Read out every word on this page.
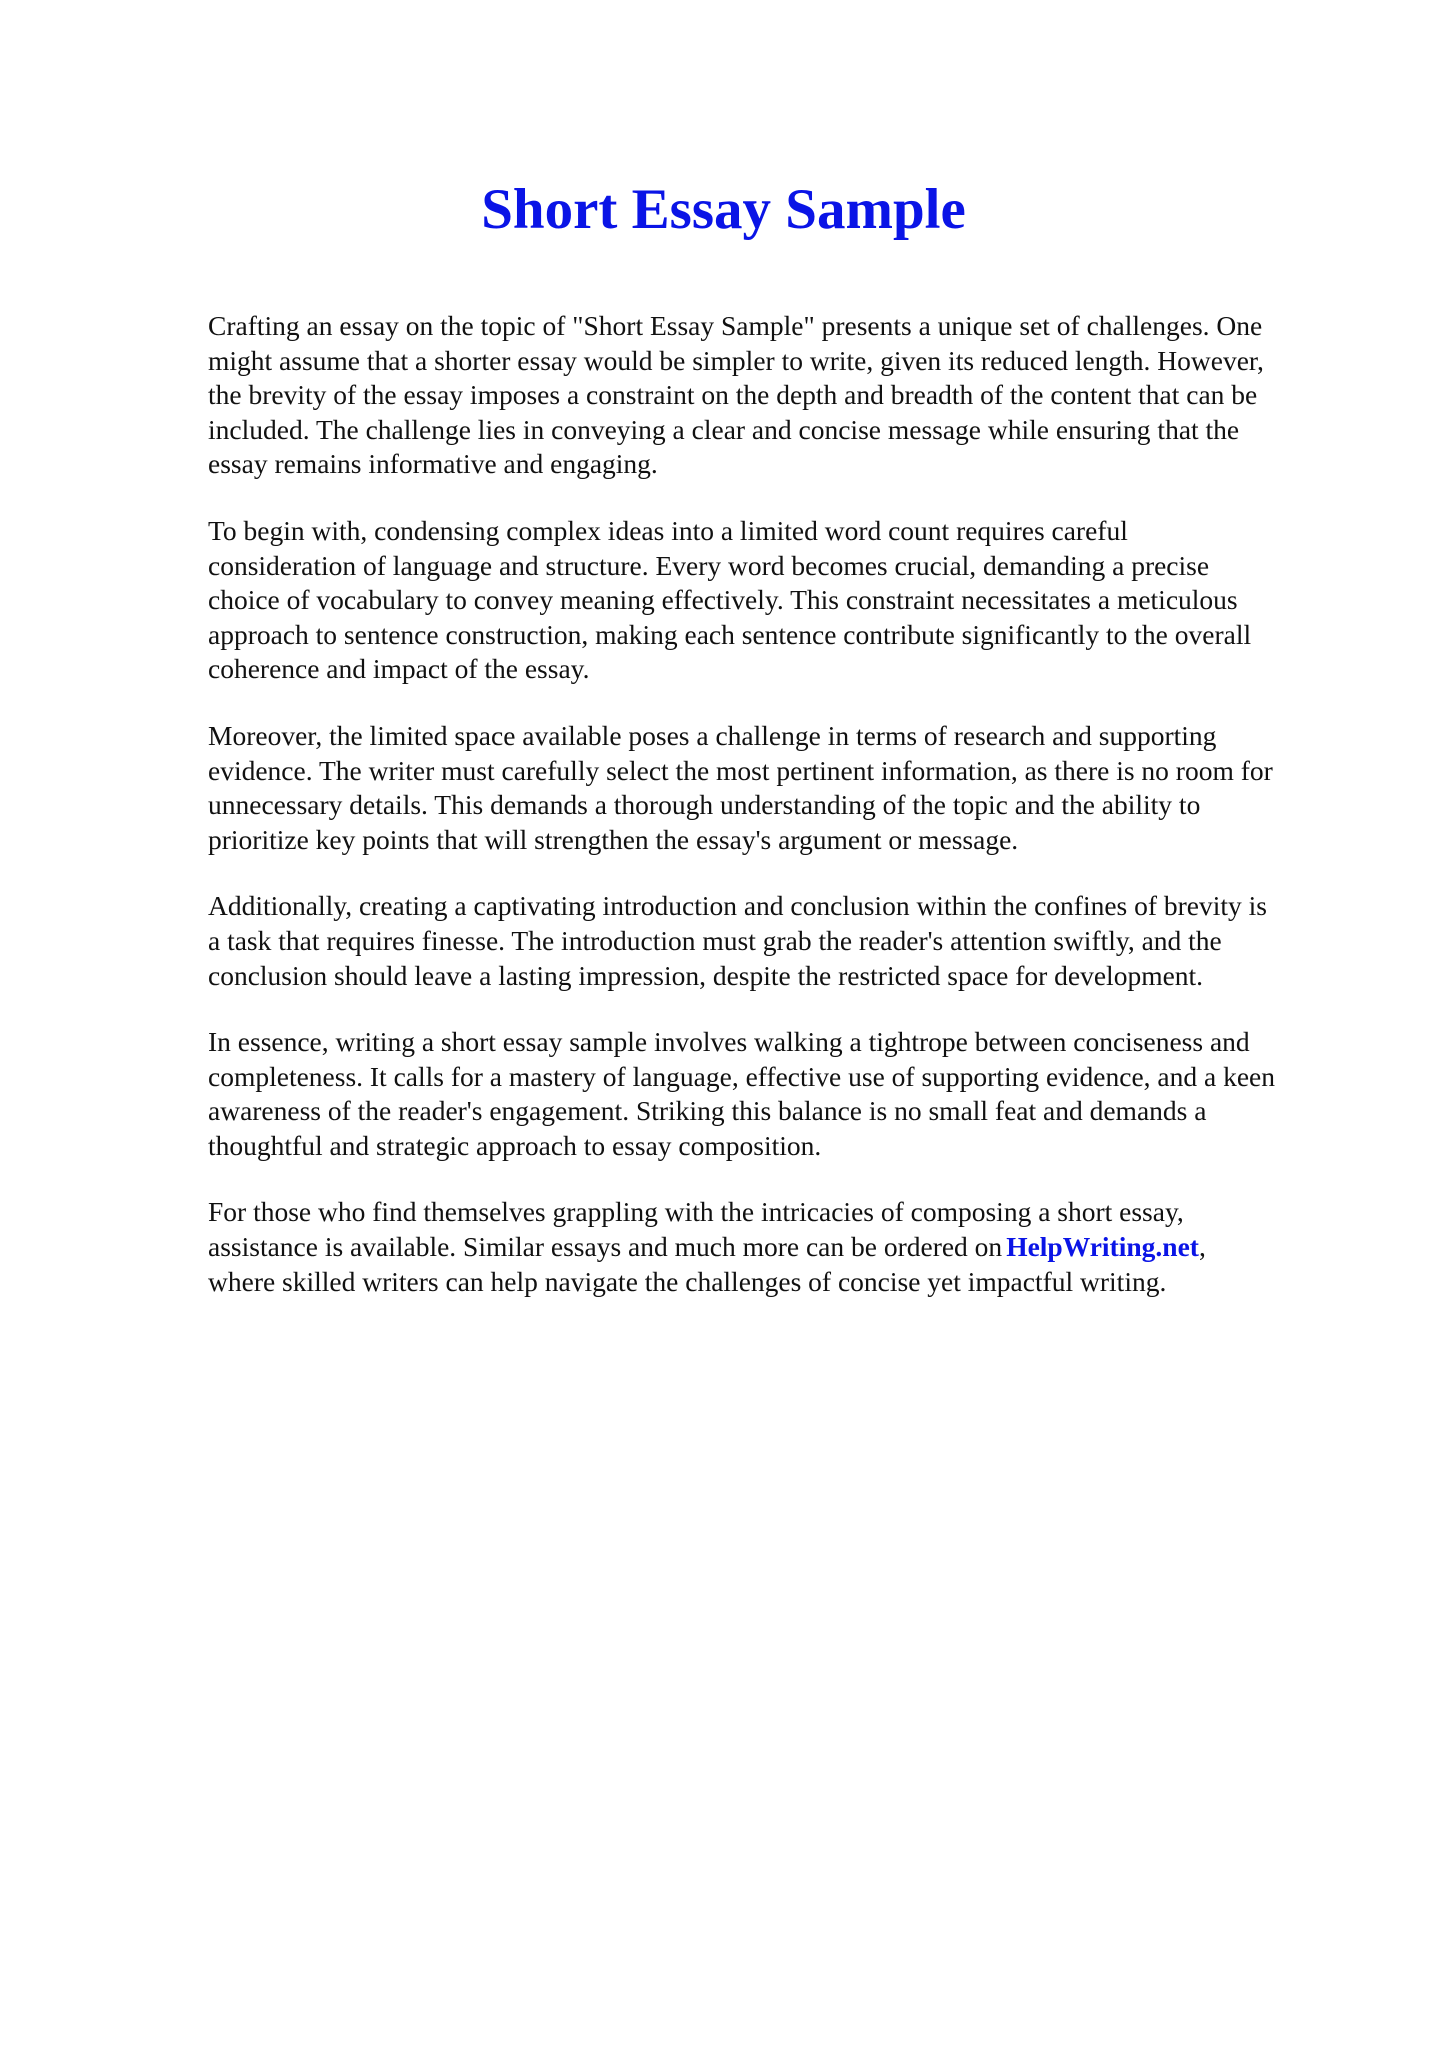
Short Essay Sample

Crafting an essay on the topic of "Short Essay Sample" presents a unique set of challenges. One
might assume that a shorter essay would be simpler to write, given its reduced length. However,
the brevity of the essay imposes a constraint on the depth and breadth of the content that can be
included. The challenge lies in conveying a clear and concise message while ensuring that the
essay remains informative and engaging.

To begin with, condensing complex ideas into a limited word count requires careful
consideration of language and structure. Every word becomes crucial, demanding a precise
choice of vocabulary to convey meaning effectively. This constraint necessitates a meticulous
approach to sentence construction, making each sentence contribute significantly to the overall
coherence and impact of the essay.

Moreover, the limited space available poses a challenge in terms of research and supporting
evidence. The writer must carefully select the most pertinent information, as there is no room for
unnecessary details. This demands a thorough understanding of the topic and the ability to
prioritize key points that will strengthen the essay's argument or message.

Additionally, creating a captivating introduction and conclusion within the confines of brevity is
a task that requires finesse. The introduction must grab the reader's attention swiftly, and the
conclusion should leave a lasting impression, despite the restricted space for development.

In essence, writing a short essay sample involves walking a tightrope between conciseness and
completeness. It calls for a mastery of language, effective use of supporting evidence, and a keen
awareness of the reader's engagement. Striking this balance is no small feat and demands a
thoughtful and strategic approach to essay composition.

For those who find themselves grappling with the intricacies of composing a short essay,
assistance is available. Similar essays and much more can be ordered on HelpWriting.net,
where skilled writers can help navigate the challenges of concise yet impactful writing.
